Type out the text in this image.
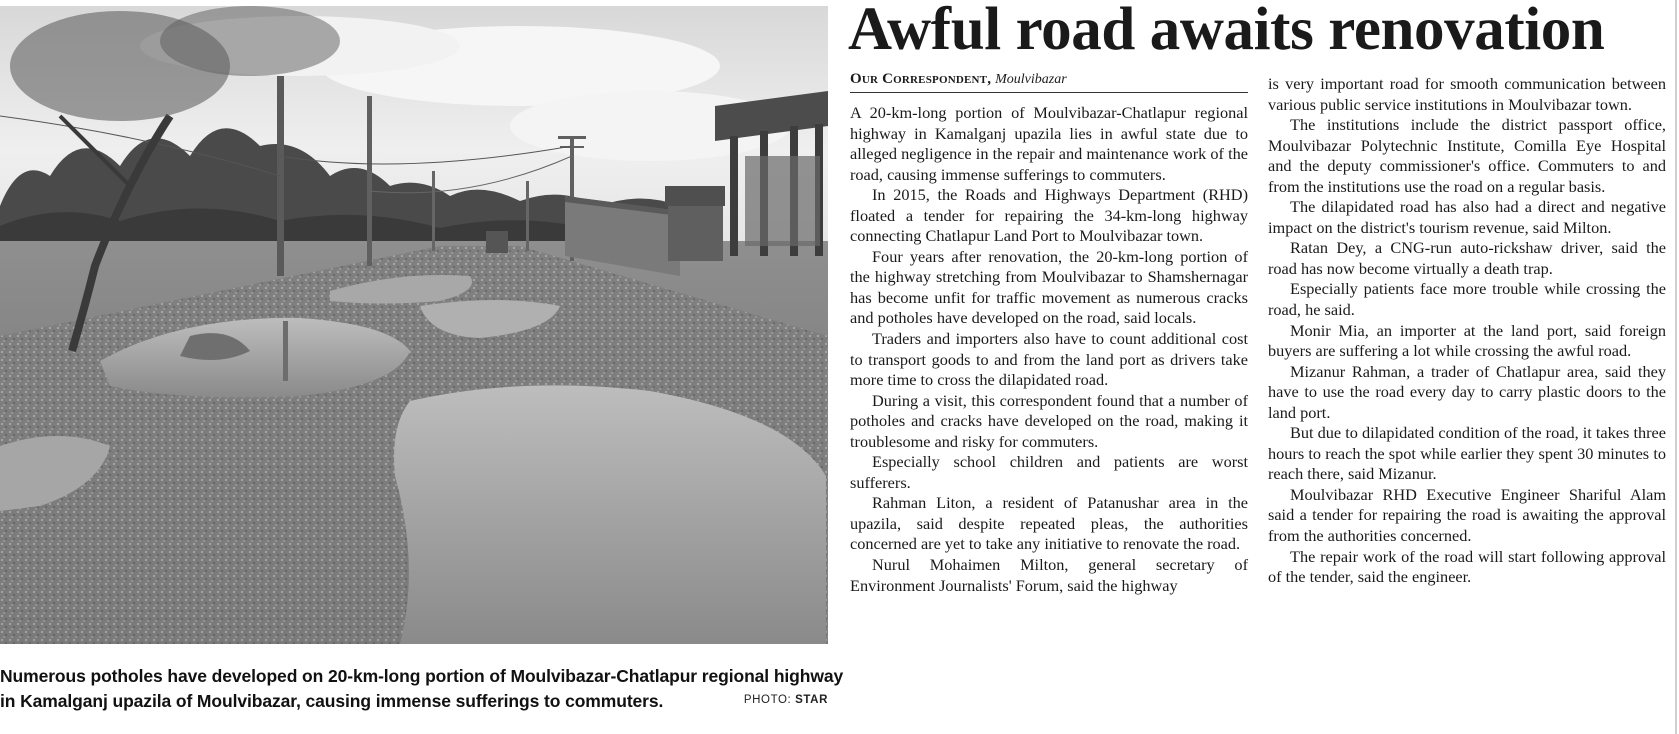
Numerous potholes have developed on 20-km-long portion of Moulvibazar-Chatlapur regional highway
in Kamalganj upazila of Moulvibazar, causing immense sufferings to commuters.	PHOTO: STAR
Awful road awaits renovation
Our Correspondent, Moulvibazar

A 20-km-long portion of Moulvibazar-Chatlapur regional highway in Kamalganj upazila lies in awful state due to alleged negligence in the repair and maintenance work of the road, causing immense sufferings to commuters.

In 2015, the Roads and Highways Department (RHD) floated a tender for repairing the 34-km-long highway connecting Chatlapur Land Port to Moulvibazar town.

Four years after renovation, the 20-km-long portion of the highway stretching from Moulvibazar to Shamshernagar has become unfit for traffic movement as numerous cracks and potholes have developed on the road, said locals.

Traders and importers also have to count additional cost to transport goods to and from the land port as drivers take more time to cross the dilapidated road.

During a visit, this correspondent found that a number of potholes and cracks have developed on the road, making it troublesome and risky for commuters.

Especially school children and patients are worst sufferers.

Rahman Liton, a resident of Patanushar area in the upazila, said despite repeated pleas, the authorities concerned are yet to take any initiative to renovate the road.

Nurul Mohaimen Milton, general secretary of Environment Journalists' Forum, said the highway

is very important road for smooth communication between various public service institutions in Moulvibazar town.

The institutions include the district passport office, Moulvibazar Polytechnic Institute, Comilla Eye Hospital and the deputy commissioner's office. Commuters to and from the institutions use the road on a regular basis.

The dilapidated road has also had a direct and negative impact on the district's tourism revenue, said Milton.

Ratan Dey, a CNG-run auto-rickshaw driver, said the road has now become virtually a death trap.

Especially patients face more trouble while crossing the road, he said.

Monir Mia, an importer at the land port, said foreign buyers are suffering a lot while crossing the awful road.

Mizanur Rahman, a trader of Chatlapur area, said they have to use the road every day to carry plastic doors to the land port.

But due to dilapidated condition of the road, it takes three hours to reach the spot while earlier they spent 30 minutes to reach there, said Mizanur.

Moulvibazar RHD Executive Engineer Shariful Alam said a tender for repairing the road is awaiting the approval from the authorities concerned.

The repair work of the road will start following approval of the tender, said the engineer.
